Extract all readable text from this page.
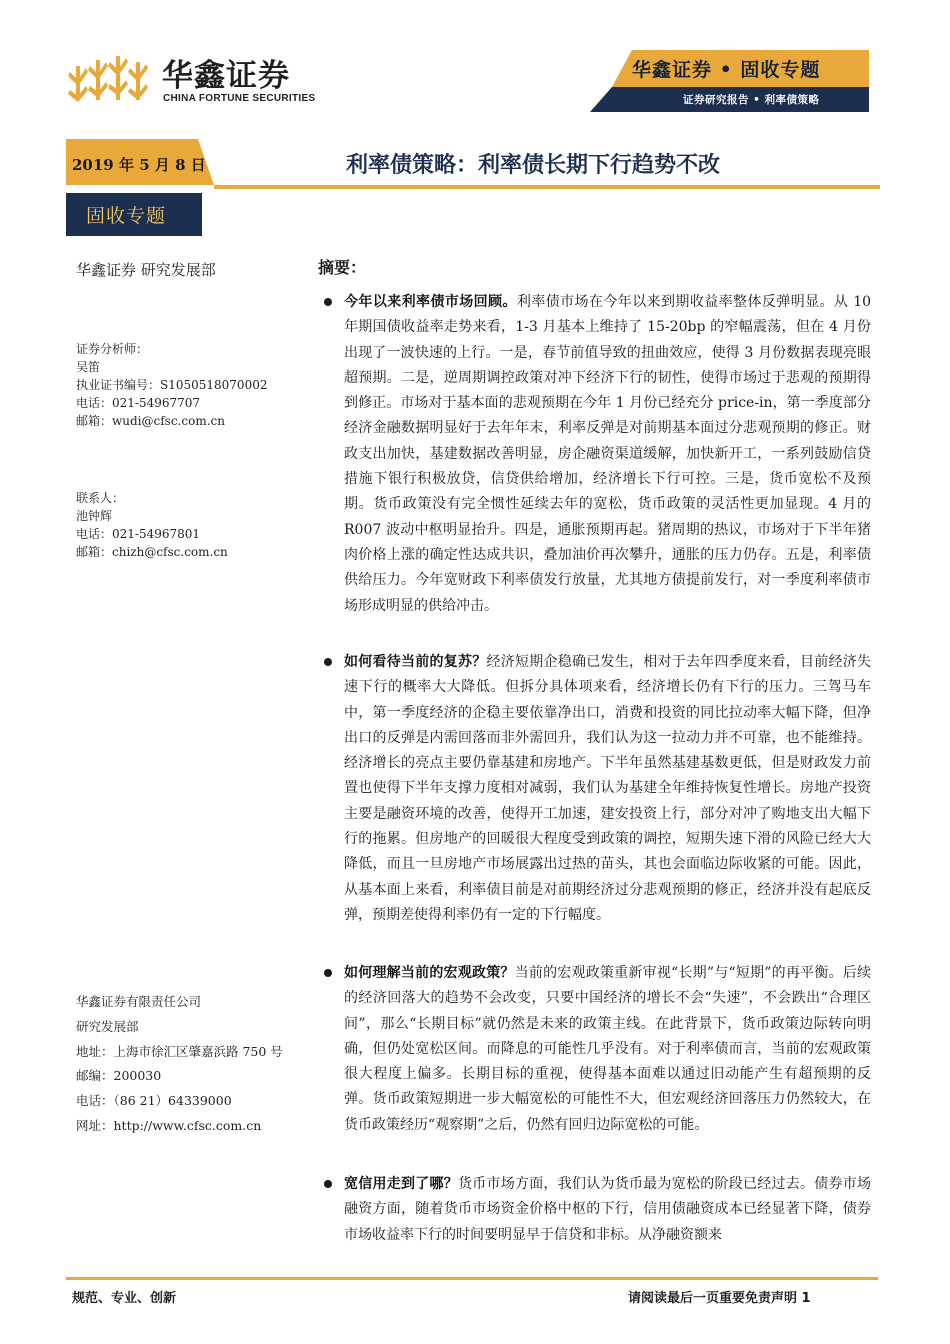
华鑫证券
CHINA FORTUNE SECURITIES
华鑫证券 • 固收专题
证券研究报告 • 利率债策略
2019 年 5 月 8 日	利率债策略：利率债长期下行趋势不改
固收专题
华鑫证券 研究发展部
证券分析师：
吴笛
执业证书编号：S1050518070002
电话：021-54967707
邮箱：wudi@cfsc.com.cn
联系人：
池钟辉
电话：021-54967801
邮箱：chizh@cfsc.com.cn
华鑫证券有限责任公司
研究发展部
地址：上海市徐汇区肇嘉浜路 750 号
邮编：200030
电话：（86 21）64339000
网址：http://www.cfsc.com.cn
摘要：
今年以来利率债市场回顾。利率债市场在今年以来到期收益率整体反弹明显。从 10 年期国债收益率走势来看，1-3 月基本上维持了 15-20bp 的窄幅震荡，但在 4 月份出现了一波快速的上行。一是，春节前值导致的扭曲效应，使得 3 月份数据表现亮眼超预期。二是，逆周期调控政策对冲下经济下行的韧性，使得市场过于悲观的预期得到修正。市场对于基本面的悲观预期在今年 1 月份已经充分 price-in，第一季度部分经济金融数据明显好于去年年末，利率反弹是对前期基本面过分悲观预期的修正。财政支出加快，基建数据改善明显，房企融资渠道缓解，加快新开工，一系列鼓励信贷措施下银行积极放贷，信贷供给增加，经济增长下行可控。三是，货币宽松不及预期。货币政策没有完全惯性延续去年的宽松，货币政策的灵活性更加显现。4 月的 R007 波动中枢明显抬升。四是，通胀预期再起。猪周期的热议，市场对于下半年猪肉价格上涨的确定性达成共识，叠加油价再次攀升，通胀的压力仍存。五是，利率债供给压力。今年宽财政下利率债发行放量，尤其地方债提前发行，对一季度利率债市场形成明显的供给冲击。
如何看待当前的复苏？经济短期企稳确已发生，相对于去年四季度来看，目前经济失速下行的概率大大降低。但拆分具体项来看，经济增长仍有下行的压力。三驾马车中，第一季度经济的企稳主要依靠净出口，消费和投资的同比拉动率大幅下降，但净出口的反弹是内需回落而非外需回升，我们认为这一拉动力并不可靠，也不能维持。经济增长的亮点主要仍靠基建和房地产。下半年虽然基建基数更低，但是财政发力前置也使得下半年支撑力度相对减弱，我们认为基建全年维持恢复性增长。房地产投资主要是融资环境的改善，使得开工加速，建安投资上行，部分对冲了购地支出大幅下行的拖累。但房地产的回暖很大程度受到政策的调控，短期失速下滑的风险已经大大降低，而且一旦房地产市场展露出过热的苗头，其也会面临边际收紧的可能。因此，从基本面上来看，利率债目前是对前期经济过分悲观预期的修正，经济并没有起底反弹，预期差使得利率仍有一定的下行幅度。
如何理解当前的宏观政策？当前的宏观政策重新审视“长期”与“短期”的再平衡。后续的经济回落大的趋势不会改变，只要中国经济的增长不会“失速”，不会跌出“合理区间”，那么“长期目标”就仍然是未来的政策主线。在此背景下，货币政策边际转向明确，但仍处宽松区间。而降息的可能性几乎没有。对于利率债而言，当前的宏观政策很大程度上偏多。长期目标的重视，使得基本面难以通过旧动能产生有超预期的反弹。货币政策短期进一步大幅宽松的可能性不大，但宏观经济回落压力仍然较大，在货币政策经历“观察期”之后，仍然有回归边际宽松的可能。
宽信用走到了哪？货币市场方面，我们认为货币最为宽松的阶段已经过去。债券市场融资方面，随着货币市场资金价格中枢的下行，信用债融资成本已经显著下降，债券市场收益率下行的时间要明显早于信贷和非标。从净融资额来
规范、专业、创新	请阅读最后一页重要免责声明 1
